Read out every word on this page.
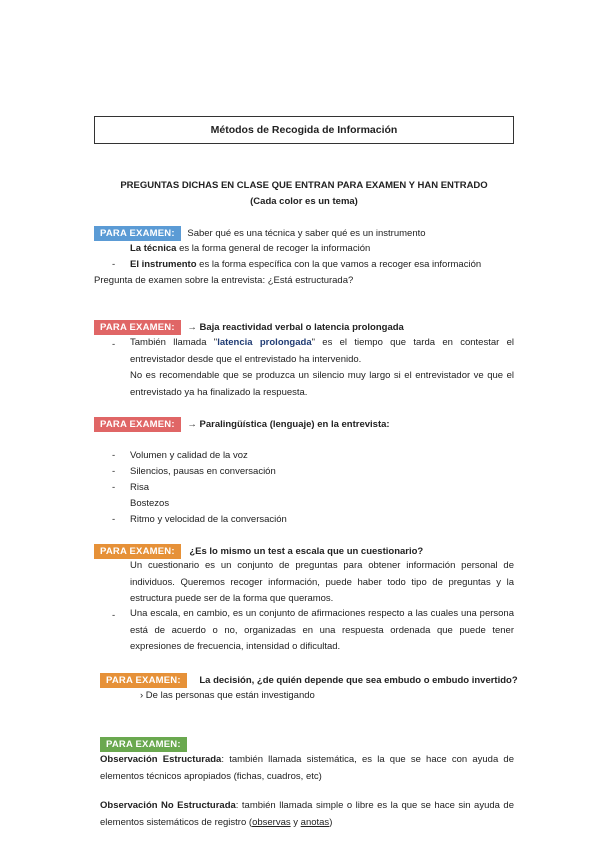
Métodos de Recogida de Información
PREGUNTAS DICHAS EN CLASE QUE ENTRAN PARA EXAMEN Y HAN ENTRADO
(Cada color es un tema)
PARA EXAMEN: Saber qué es una técnica y saber qué es un instrumento
La técnica es la forma general de recoger la información
- El instrumento es la forma específica con la que vamos a recoger esa información
Pregunta de examen sobre la entrevista: ¿Está estructurada?
PARA EXAMEN: → Baja reactividad verbal o latencia prolongada
- También llamada "latencia prolongada" es el tiempo que tarda en contestar el entrevistador desde que el entrevistado ha intervenido.
No es recomendable que se produzca un silencio muy largo si el entrevistador ve que el entrevistado ya ha finalizado la respuesta.
PARA EXAMEN: → Paralingüística (lenguaje) en la entrevista:
- Volumen y calidad de la voz
- Silencios, pausas en conversación
- Risa
Bostezos
- Ritmo y velocidad de la conversación
PARA EXAMEN: ¿Es lo mismo un test a escala que un cuestionario?
Un cuestionario es un conjunto de preguntas para obtener información personal de individuos. Queremos recoger información, puede haber todo tipo de preguntas y la estructura puede ser de la forma que queramos.
- Una escala, en cambio, es un conjunto de afirmaciones respecto a las cuales una persona está de acuerdo o no, organizadas en una respuesta ordenada que puede tener expresiones de frecuencia, intensidad o dificultad.
PARA EXAMEN: La decisión, ¿de quién depende que sea embudo o embudo invertido?
› De las personas que están investigando
PARA EXAMEN:
Observación Estructurada: también llamada sistemática, es la que se hace con ayuda de elementos técnicos apropiados (fichas, cuadros, etc)
Observación No Estructurada: también llamada simple o libre es la que se hace sin ayuda de elementos sistemáticos de registro (observas y anotas)
